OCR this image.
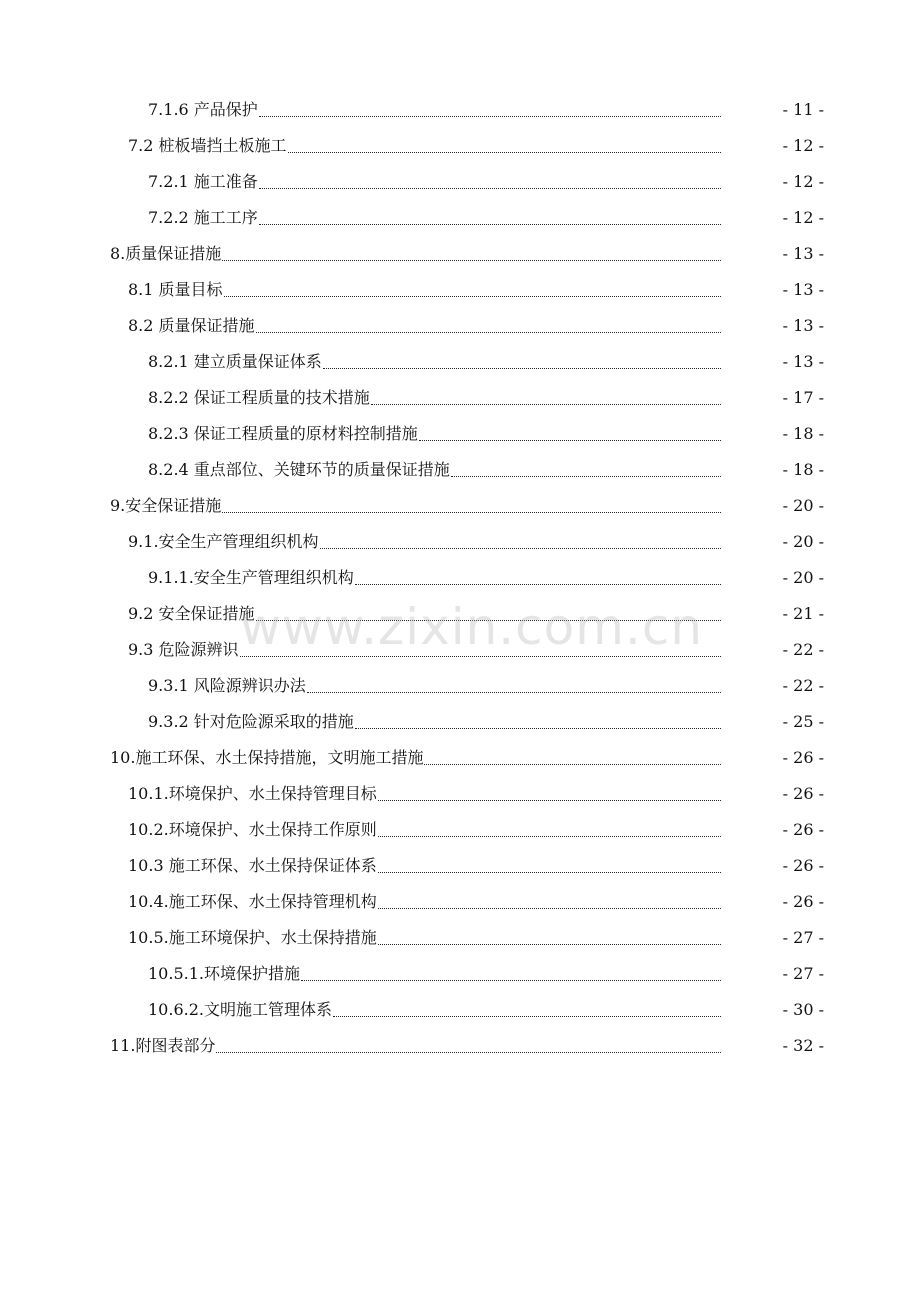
7.1.6 产品保护	- 11 -
7.2 桩板墙挡土板施工	- 12 -
7.2.1 施工准备	- 12 -
7.2.2 施工工序	- 12 -
8.质量保证措施	- 13 -
8.1 质量目标	- 13 -
8.2 质量保证措施	- 13 -
8.2.1 建立质量保证体系	- 13 -
8.2.2 保证工程质量的技术措施	- 17 -
8.2.3 保证工程质量的原材料控制措施	- 18 -
8.2.4 重点部位、关键环节的质量保证措施	- 18 -
9.安全保证措施	- 20 -
9.1.安全生产管理组织机构	- 20 -
9.1.1.安全生产管理组织机构	- 20 -
9.2 安全保证措施	- 21 -
9.3 危险源辨识	- 22 -
9.3.1 风险源辨识办法	- 22 -
9.3.2 针对危险源采取的措施	- 25 -
10.施工环保、水土保持措施，文明施工措施	- 26 -
10.1.环境保护、水土保持管理目标	- 26 -
10.2.环境保护、水土保持工作原则	- 26 -
10.3 施工环保、水土保持保证体系	- 26 -
10.4.施工环保、水土保持管理机构	- 26 -
10.5.施工环境保护、水土保持措施	- 27 -
10.5.1.环境保护措施	- 27 -
10.6.2.文明施工管理体系	- 30 -
11.附图表部分	- 32 -
www.zixin.com.cn
